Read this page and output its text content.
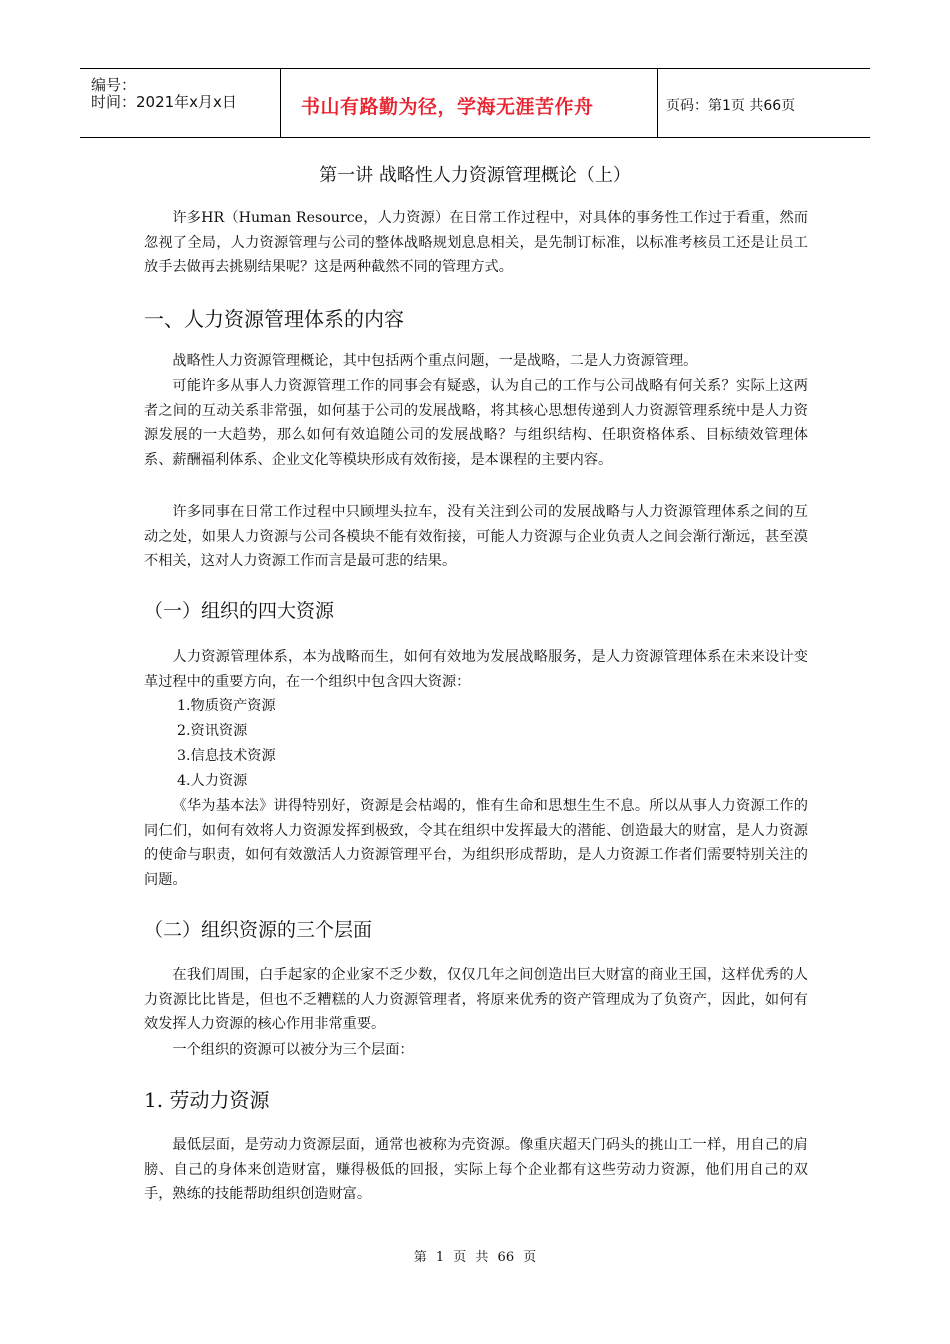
编号：
时间：2021年x月x日	书山有路勤为径，学海无涯苦作舟	页码：第1页 共66页
第一讲 战略性人力资源管理概论（上）
许多HR（Human Resource，人力资源）在日常工作过程中，对具体的事务性工作过于看重，然而忽视了全局，人力资源管理与公司的整体战略规划息息相关，是先制订标准，以标准考核员工还是让员工放手去做再去挑剔结果呢？这是两种截然不同的管理方式。
一、人力资源管理体系的内容
战略性人力资源管理概论，其中包括两个重点问题，一是战略，二是人力资源管理。
可能许多从事人力资源管理工作的同事会有疑惑，认为自己的工作与公司战略有何关系？实际上这两者之间的互动关系非常强，如何基于公司的发展战略，将其核心思想传递到人力资源管理系统中是人力资源发展的一大趋势，那么如何有效追随公司的发展战略？与组织结构、任职资格体系、目标绩效管理体系、薪酬福利体系、企业文化等模块形成有效衔接，是本课程的主要内容。
许多同事在日常工作过程中只顾埋头拉车，没有关注到公司的发展战略与人力资源管理体系之间的互动之处，如果人力资源与公司各模块不能有效衔接，可能人力资源与企业负责人之间会渐行渐远，甚至漠不相关，这对人力资源工作而言是最可悲的结果。
（一）组织的四大资源
人力资源管理体系，本为战略而生，如何有效地为发展战略服务，是人力资源管理体系在未来设计变革过程中的重要方向，在一个组织中包含四大资源：
1.物质资产资源
2.资讯资源
3.信息技术资源
4.人力资源
《华为基本法》讲得特别好，资源是会枯竭的，惟有生命和思想生生不息。所以从事人力资源工作的同仁们，如何有效将人力资源发挥到极致，令其在组织中发挥最大的潜能、创造最大的财富，是人力资源的使命与职责，如何有效激活人力资源管理平台，为组织形成帮助，是人力资源工作者们需要特别关注的问题。
（二）组织资源的三个层面
在我们周围，白手起家的企业家不乏少数，仅仅几年之间创造出巨大财富的商业王国，这样优秀的人力资源比比皆是，但也不乏糟糕的人力资源管理者，将原来优秀的资产管理成为了负资产，因此，如何有效发挥人力资源的核心作用非常重要。
一个组织的资源可以被分为三个层面：
1. 劳动力资源
最低层面，是劳动力资源层面，通常也被称为壳资源。像重庆超天门码头的挑山工一样，用自己的肩膀、自己的身体来创造财富，赚得极低的回报，实际上每个企业都有这些劳动力资源，他们用自己的双手，熟练的技能帮助组织创造财富。
第 1 页 共 66 页
